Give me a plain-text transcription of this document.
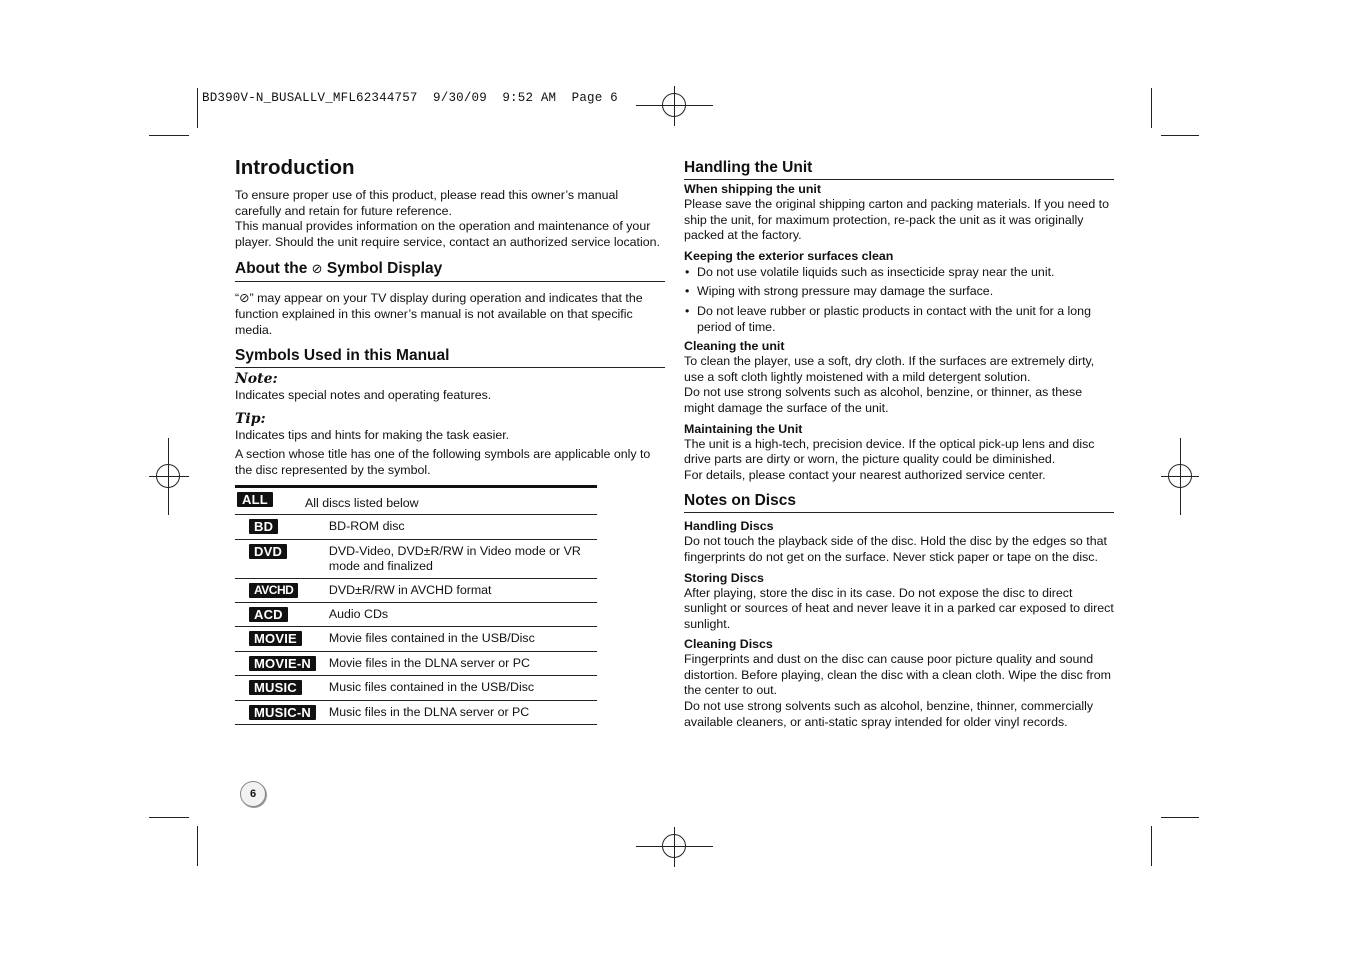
BD390V-N_BUSALLV_MFL62344757  9/30/09  9:52 AM  Page 6
Introduction

To ensure proper use of this product, please read this owner’s manual carefully and retain for future reference.

This manual provides information on the operation and maintenance of your player. Should the unit require service, contact an authorized service location.

About the ⊘ Symbol Display

“⊘” may appear on your TV display during operation and indicates that the function explained in this owner’s manual is not available on that specific media.

Symbols Used in this Manual
Note:

Indicates special notes and operating features.

Tip:

Indicates tips and hints for making the task easier.

A section whose title has one of the following symbols are applicable only to the disc represented by the symbol.

ALL	All discs listed below	
BD		BD-ROM disc
DVD		DVD-Video, DVD±R/RW in Video mode or VR mode and finalized
AVCHD		DVD±R/RW in AVCHD format
ACD		Audio CDs
MOVIE		Movie files contained in the USB/Disc
MOVIE-N		Movie files in the DLNA server or PC
MUSIC		Music files contained in the USB/Disc
MUSIC-N		Music files in the DLNA server or PC
6
Handling the Unit
When shipping the unit

Please save the original shipping carton and packing materials. If you need to ship the unit, for maximum protection, re-pack the unit as it was originally packed at the factory.

Keeping the exterior surfaces clean
• Do not use volatile liquids such as insecticide spray near the unit.
• Wiping with strong pressure may damage the surface.
• Do not leave rubber or plastic products in contact with the unit for a long period of time.
Cleaning the unit

To clean the player, use a soft, dry cloth. If the surfaces are extremely dirty, use a soft cloth lightly moistened with a mild detergent solution.

Do not use strong solvents such as alcohol, benzine, or thinner, as these might damage the surface of the unit.

Maintaining the Unit

The unit is a high-tech, precision device. If the optical pick-up lens and disc drive parts are dirty or worn, the picture quality could be diminished.

For details, please contact your nearest authorized service center.

Notes on Discs
Handling Discs

Do not touch the playback side of the disc. Hold the disc by the edges so that fingerprints do not get on the surface. Never stick paper or tape on the disc.

Storing Discs

After playing, store the disc in its case. Do not expose the disc to direct sunlight or sources of heat and never leave it in a parked car exposed to direct sunlight.

Cleaning Discs

Fingerprints and dust on the disc can cause poor picture quality and sound distortion. Before playing, clean the disc with a clean cloth. Wipe the disc from the center to out.

Do not use strong solvents such as alcohol, benzine, thinner, commercially available cleaners, or anti-static spray intended for older vinyl records.
